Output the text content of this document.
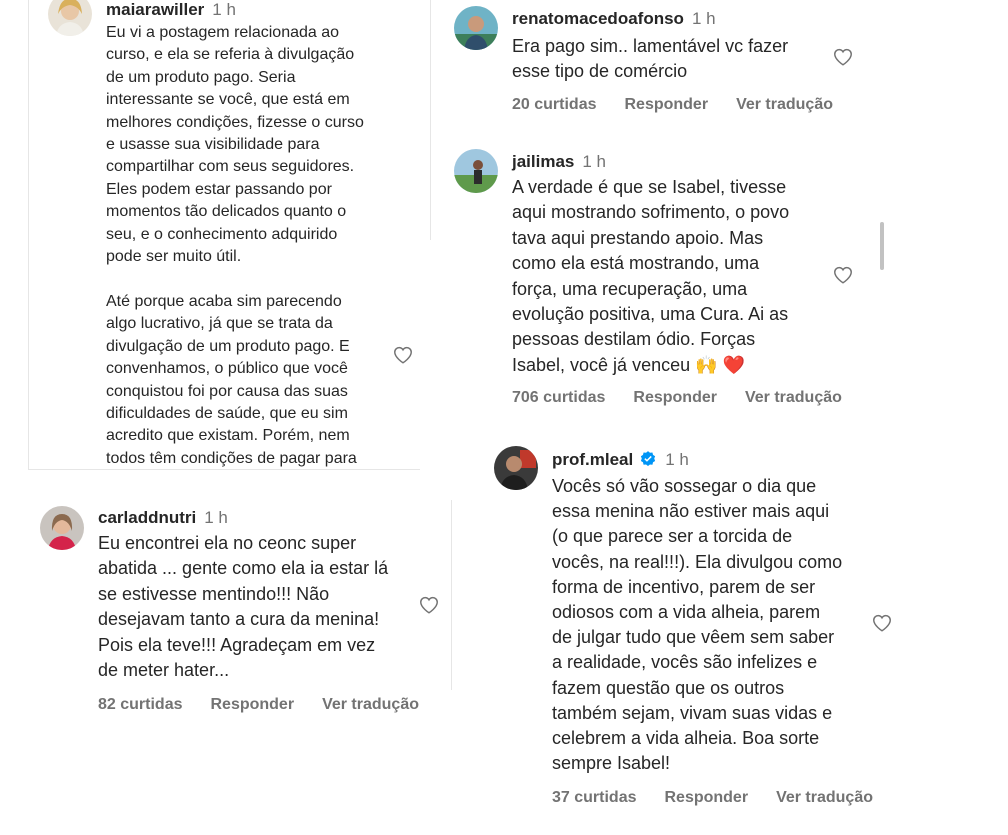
maiarawiller 1 h

Eu vi a postagem relacionada ao
curso, e ela se referia à divulgação
de um produto pago. Seria
interessante se você, que está em
melhores condições, fizesse o curso
e usasse sua visibilidade para
compartilhar com seus seguidores.
Eles podem estar passando por
momentos tão delicados quanto o
seu, e o conhecimento adquirido
pode ser muito útil.

Até porque acaba sim parecendo
algo lucrativo, já que se trata da
divulgação de um produto pago. E
convenhamos, o público que você
conquistou foi por causa das suas
dificuldades de saúde, que eu sim
acredito que existam. Porém, nem
todos têm condições de pagar para

carladdnutri 1 h

Eu encontrei ela no ceonc super
abatida ... gente como ela ia estar lá
se estivesse mentindo!!! Não
desejavam tanto a cura da menina!
Pois ela teve!!! Agradeçam em vez
de meter hater...

82 curtidas Responder Ver tradução
renatomacedoafonso 1 h

Era pago sim.. lamentável vc fazer
esse tipo de comércio

20 curtidas Responder Ver tradução
jailimas 1 h

A verdade é que se Isabel, tivesse
aqui mostrando sofrimento, o povo
tava aqui prestando apoio. Mas
como ela está mostrando, uma
força, uma recuperação, uma
evolução positiva, uma Cura. Ai as
pessoas destilam ódio. Forças
Isabel, você já venceu 🙌 ❤️

706 curtidas Responder Ver tradução
prof.mleal 1 h

Vocês só vão sossegar o dia que
essa menina não estiver mais aqui
(o que parece ser a torcida de
vocês, na real!!!). Ela divulgou como
forma de incentivo, parem de ser
odiosos com a vida alheia, parem
de julgar tudo que vêem sem saber
a realidade, vocês são infelizes e
fazem questão que os outros
também sejam, vivam suas vidas e
celebrem a vida alheia. Boa sorte
sempre Isabel!

37 curtidas Responder Ver tradução
